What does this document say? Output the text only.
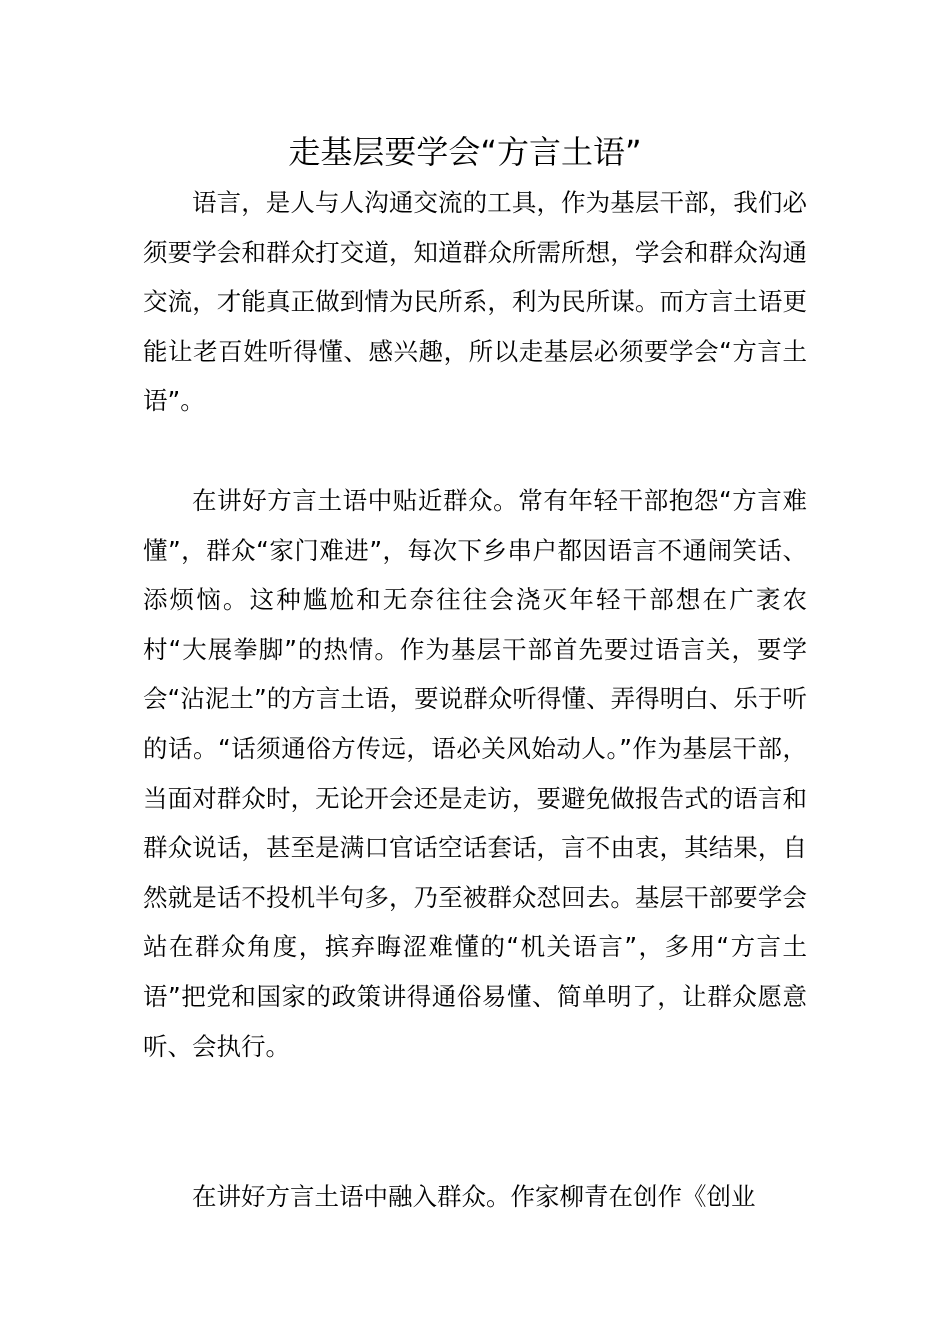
走基层要学会“方言土语”

语言，是人与人沟通交流的工具，作为基层干部，我们必须要学会和群众打交道，知道群众所需所想，学会和群众沟通交流，才能真正做到情为民所系，利为民所谋。而方言土语更能让老百姓听得懂、感兴趣，所以走基层必须要学会“方言土语”。

在讲好方言土语中贴近群众。常有年轻干部抱怨“方言难懂”，群众“家门难进”，每次下乡串户都因语言不通闹笑话、添烦恼。这种尴尬和无奈往往会浇灭年轻干部想在广袤农村“大展拳脚”的热情。作为基层干部首先要过语言关，要学会“沾泥土”的方言土语，要说群众听得懂、弄得明白、乐于听的话。“话须通俗方传远，语必关风始动人。”作为基层干部，当面对群众时，无论开会还是走访，要避免做报告式的语言和群众说话，甚至是满口官话空话套话，言不由衷，其结果，自然就是话不投机半句多，乃至被群众怼回去。基层干部要学会站在群众角度，摈弃晦涩难懂的“机关语言”，多用“方言土语”把党和国家的政策讲得通俗易懂、简单明了，让群众愿意听、会执行。

在讲好方言土语中融入群众。作家柳青在创作《创业
